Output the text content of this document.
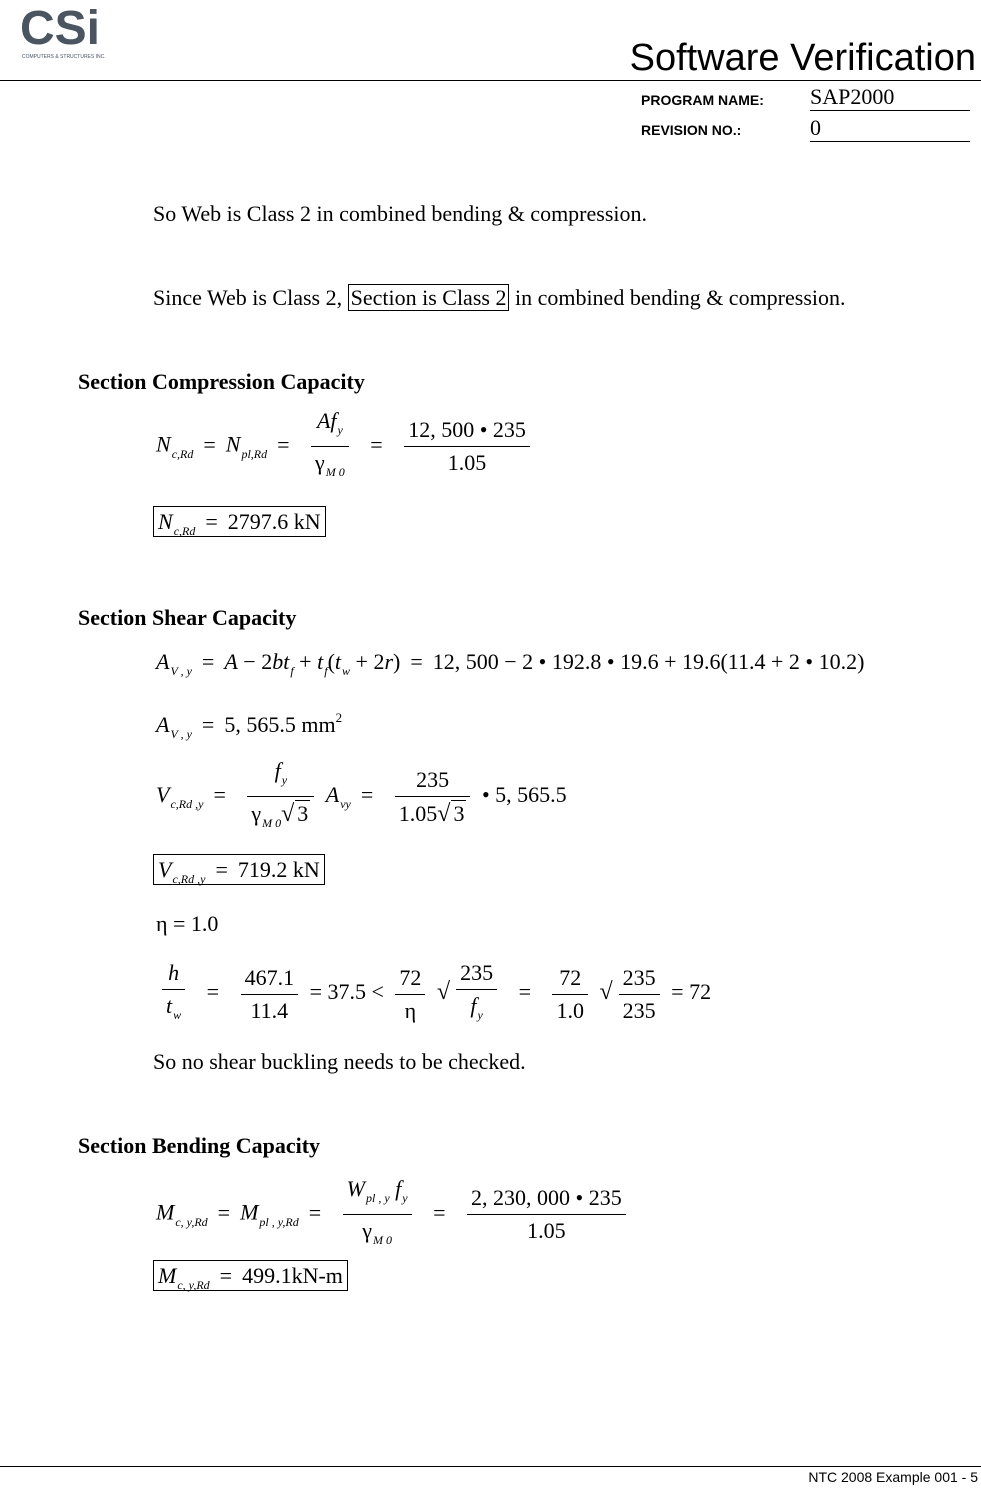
CSi
COMPUTERS & STRUCTURES INC.	Software Verification
PROGRAM NAME: SAP2000
REVISION NO.:	0
So Web is Class 2 in combined bending & compression.
Since Web is Class 2, Section is Class 2 in combined bending & compression.
Section Compression Capacity
$N_{c,Rd} = N_{pl,Rd} = \frac{Af_y}{\gamma_{M 0}} = \frac{12, 500 • 235}{1.05}$
$N_{c,Rd} = 2797.6$ kN
Section Shear Capacity
$A_{V , y} = A - 2bt_f + t_f(t_w + 2r) = 12$, 500 − 2 • 192.8 • 19.6 + 19.6(11.4 + 2 • 10.2)
$A_{V , y} = 5$, 565.5 $mm^2$
$V_{c,Rd ,y} = \frac{f_y}{\gamma_{M 0}√ 3} A_{vy} = \frac{235}{1.05√ 3}$ • 5, 565.5
$V_{c,Rd ,y} = 719.2$ kN
η = 1.0
$\frac{h}{t_w} = \frac{467.1}{11.4} = 37.5 < \frac{72}{\eta}$ √ $\frac{235}{f_y} = \frac{72}{1.0}$ √ $\frac{235}{235} = 72$
So no shear buckling needs to be checked.
Section Bending Capacity
$M_{c, y,Rd} = M_{pl , y,Rd} = \frac{W_{pl , y} f_y}{\gamma_{M 0}} = \frac{2, 230, 000 • 235}{1.05}$
$M_{c, y,Rd} = 499.1kN-m$
NTC 2008 Example 001 - 5
